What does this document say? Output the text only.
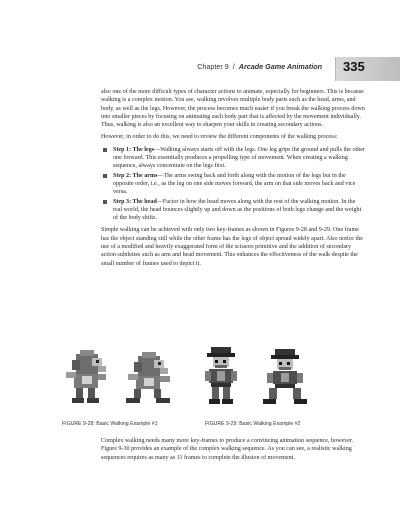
Chapter 9 / Arcade Game Animation 335

also one of the more difficult types of character actions to animate, especially for beginners. This is because walking is a complex motion. You see, walking involves multiple body parts such as the head, arms, and body, as well as the legs. However, the process becomes much easier if you break the walking process down into smaller pieces by focusing on animating each body part that is affected by the movement individually. Thus, walking is also an excellent way to sharpen your skills in creating secondary actions.

However, in order to do this, we need to review the different components of the walking process:

Step 1: The legs—Walking always starts off with the legs. One leg grips the ground and pulls the other one forward. This essentially produces a propelling type of movement. When creating a walking sequence, always concentrate on the legs first.
Step 2: The arms—The arms swing back and forth along with the motion of the legs but in the opposite order, i.e., as the leg on one side moves forward, the arm on that side moves back and vice versa.
Step 3: The head—Factor in how the head moves along with the rest of the walking motion. In the real world, the head bounces slightly up and down as the positions of both legs change and the weight of the body shifts.

Simple walking can be achieved with only two key-frames as shown in Figures 9-28 and 9-29. One frame has the object standing still while the other frame has the legs of object spread widely apart. Also notice the use of a modified and heavily exaggerated form of the scissors primitive and the addition of secondary action subtleties such as arm and head movement. This enhances the effectiveness of the walk despite the small number of frames used to depict it.

FIGURE 9-28: Basic Walking Example #1	FIGURE 9-29: Basic Walking Example #2

Complex walking needs many more key-frames to produce a convincing animation sequence, however. Figure 9-30 provides an example of the complex walking sequence. As you can see, a realistic walking sequences requires as many as 11 frames to complete the illusion of movement.
